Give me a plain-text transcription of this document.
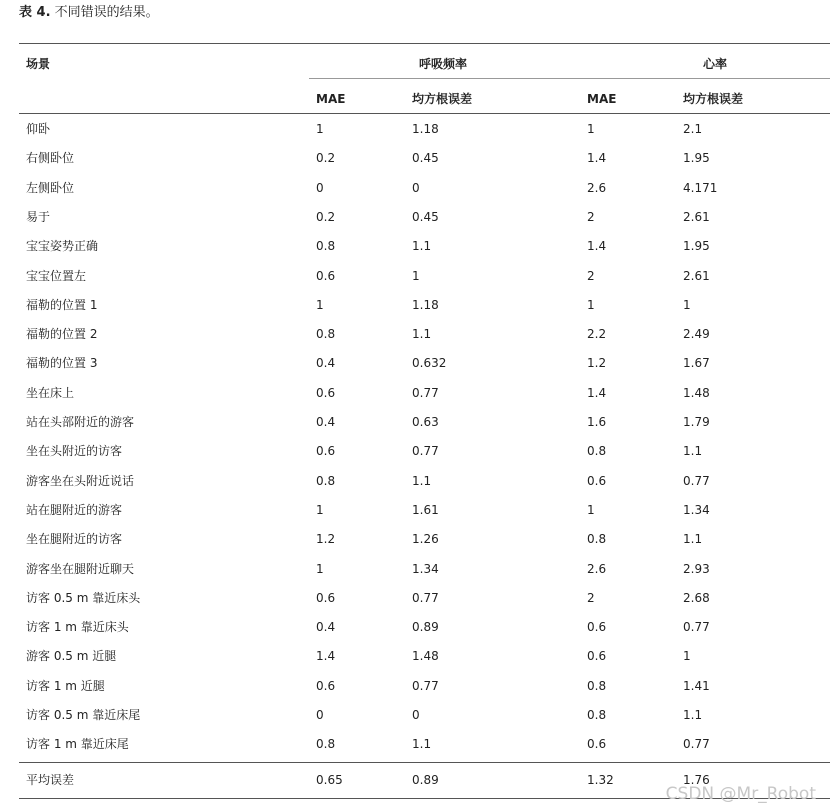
表 4. 不同错误的结果。
场景	呼吸频率	心率
MAE	均方根误差	MAE	均方根误差
仰卧	1	1.18	1	2.1
右侧卧位	0.2	0.45	1.4	1.95
左侧卧位	0	0	2.6	4.171
易于	0.2	0.45	2	2.61
宝宝姿势正确	0.8	1.1	1.4	1.95
宝宝位置左	0.6	1	2	2.61
福勒的位置 1	1	1.18	1	1
福勒的位置 2	0.8	1.1	2.2	2.49
福勒的位置 3	0.4	0.632	1.2	1.67
坐在床上	0.6	0.77	1.4	1.48
站在头部附近的游客	0.4	0.63	1.6	1.79
坐在头附近的访客	0.6	0.77	0.8	1.1
游客坐在头附近说话	0.8	1.1	0.6	0.77
站在腿附近的游客	1	1.61	1	1.34
坐在腿附近的访客	1.2	1.26	0.8	1.1
游客坐在腿附近聊天	1	1.34	2.6	2.93
访客 0.5 m 靠近床头	0.6	0.77	2	2.68
访客 1 m 靠近床头	0.4	0.89	0.6	0.77
游客 0.5 m 近腿	1.4	1.48	0.6	1
访客 1 m 近腿	0.6	0.77	0.8	1.41
访客 0.5 m 靠近床尾	0	0	0.8	1.1
访客 1 m 靠近床尾	0.8	1.1	0.6	0.77
平均误差	0.65	0.89	1.32	1.76
CSDN @Mr_Robot
